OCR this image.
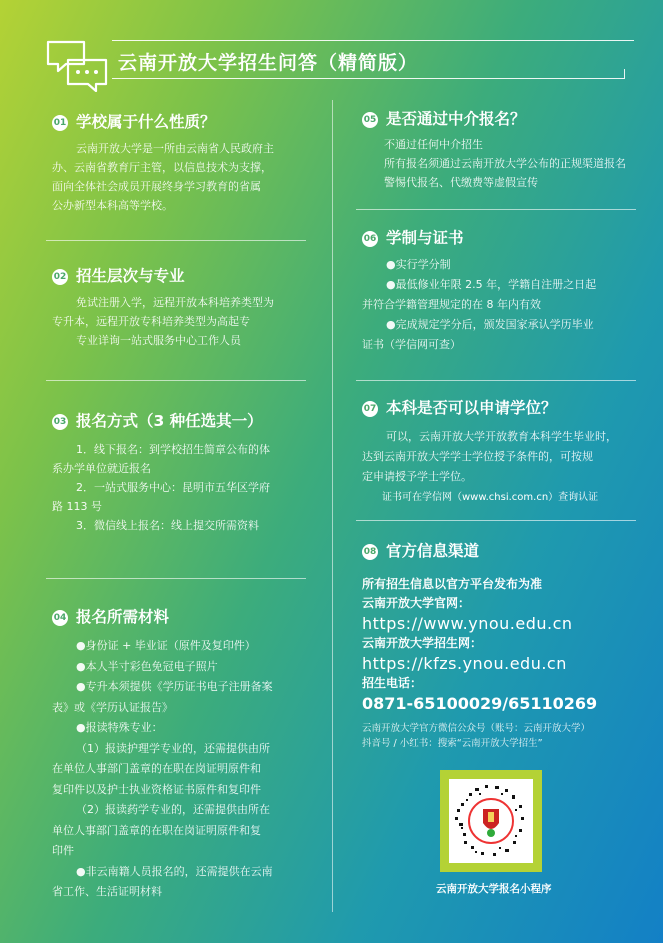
云南开放大学招生问答（精简版）
01 学校属于什么性质？
云南开放大学是一所由云南省人民政府主
办、云南省教育厅主管，以信息技术为支撑，
面向全体社会成员开展终身学习教育的省属
公办新型本科高等学校。
02 招生层次与专业
免试注册入学，远程开放本科培养类型为
专升本，远程开放专科培养类型为高起专
专业详询一站式服务中心工作人员
03 报名方式（3 种任选其一）
1．线下报名：到学校招生简章公布的体
系办学单位就近报名
2．一站式服务中心：昆明市五华区学府
路 113 号
3．微信线上报名：线上提交所需资料
04 报名所需材料
●身份证 + 毕业证（原件及复印件）
●本人半寸彩色免冠电子照片
●专升本须提供《学历证书电子注册备案
表》或《学历认证报告》
●报读特殊专业：
（1）报读护理学专业的，还需提供由所
在单位人事部门盖章的在职在岗证明原件和
复印件以及护士执业资格证书原件和复印件
（2）报读药学专业的，还需提供由所在
单位人事部门盖章的在职在岗证明原件和复
印件
●非云南籍人员报名的，还需提供在云南
省工作、生活证明材料
05 是否通过中介报名？
不通过任何中介招生
所有报名须通过云南开放大学公布的正规渠道报名
警惕代报名、代缴费等虚假宣传
06 学制与证书
●实行学分制
●最低修业年限 2.5 年，学籍自注册之日起
并符合学籍管理规定的在 8 年内有效
●完成规定学分后，颁发国家承认学历毕业
证书（学信网可查）
07 本科是否可以申请学位？
可以，云南开放大学开放教育本科学生毕业时，
达到云南开放大学学士学位授予条件的，可按规
定申请授予学士学位。
证书可在学信网（www.chsi.com.cn）查询认证
08 官方信息渠道
所有招生信息以官方平台发布为准
云南开放大学官网：
https://www.ynou.edu.cn
云南开放大学招生网：
https://kfzs.ynou.edu.cn
招生电话：
0871-65100029/65110269
云南开放大学官方微信公众号（账号：云南开放大学）
抖音号 / 小红书：搜索“云南开放大学招生”
云南开放大学报名小程序
